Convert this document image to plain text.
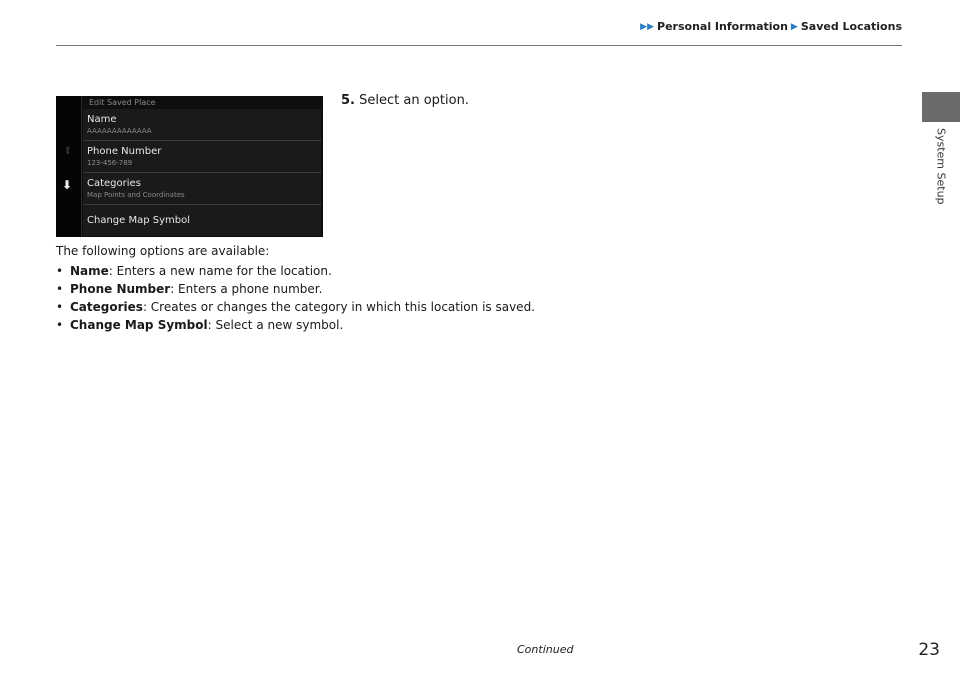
▶▶ Personal Information ▶ Saved Locations
System Setup
⬆
⬇
Edit Saved Place
Name
AAAAAAAAAAAAA
Phone Number
123-456-789
Categories
Map Points and Coordinates
Change Map Symbol
5. Select an option.
The following options are available:
• Name: Enters a new name for the location.
• Phone Number: Enters a phone number.
• Categories: Creates or changes the category in which this location is saved.
• Change Map Symbol: Select a new symbol.
Continued	23
